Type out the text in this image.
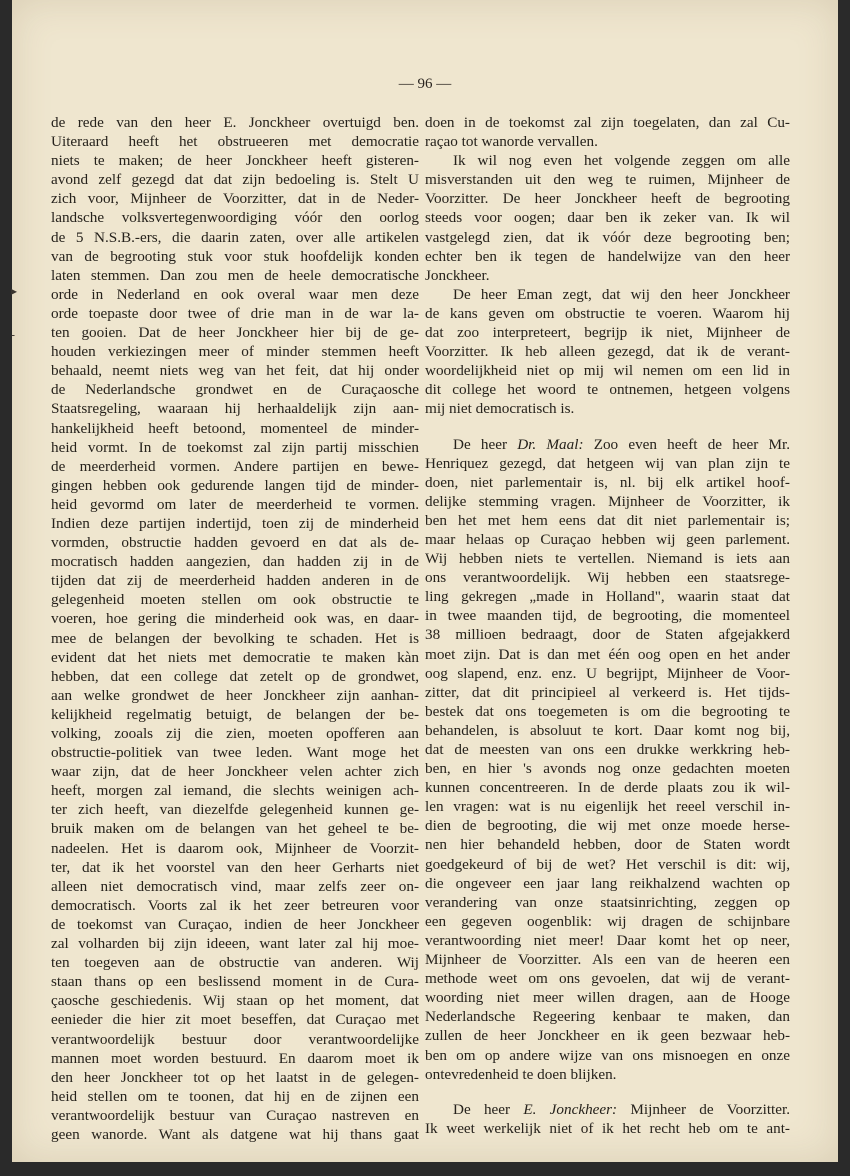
— 96 —
▸
-
de rede van den heer E. Jonckheer overtuigd ben.
Uiteraard heeft het obstrueeren met democratie
niets te maken; de heer Jonckheer heeft gisteren-
avond zelf gezegd dat dat zijn bedoeling is. Stelt U
zich voor, Mijnheer de Voorzitter, dat in de Neder-
landsche volksvertegenwoordiging vóór den oorlog
de 5 N.S.B.-ers, die daarin zaten, over alle artikelen
van de begrooting stuk voor stuk hoofdelijk konden
laten stemmen. Dan zou men de heele democratische
orde in Nederland en ook overal waar men deze
orde toepaste door twee of drie man in de war la-
ten gooien. Dat de heer Jonckheer hier bij de ge-
houden verkiezingen meer of minder stemmen heeft
behaald, neemt niets weg van het feit, dat hij onder
de Nederlandsche grondwet en de Curaçaosche
Staatsregeling, waaraan hij herhaaldelijk zijn aan-
hankelijkheid heeft betoond, momenteel de minder-
heid vormt. In de toekomst zal zijn partij misschien
de meerderheid vormen. Andere partijen en bewe-
gingen hebben ook gedurende langen tijd de minder-
heid gevormd om later de meerderheid te vormen.
Indien deze partijen indertijd, toen zij de minderheid
vormden, obstructie hadden gevoerd en dat als de-
mocratisch hadden aangezien, dan hadden zij in de
tijden dat zij de meerderheid hadden anderen in de
gelegenheid moeten stellen om ook obstructie te
voeren, hoe gering die minderheid ook was, en daar-
mee de belangen der bevolking te schaden. Het is
evident dat het niets met democratie te maken kàn
hebben, dat een college dat zetelt op de grondwet,
aan welke grondwet de heer Jonckheer zijn aanhan-
kelijkheid regelmatig betuigt, de belangen der be-
volking, zooals zij die zien, moeten opofferen aan
obstructie-politiek van twee leden. Want moge het
waar zijn, dat de heer Jonckheer velen achter zich
heeft, morgen zal iemand, die slechts weinigen ach-
ter zich heeft, van diezelfde gelegenheid kunnen ge-
bruik maken om de belangen van het geheel te be-
nadeelen. Het is daarom ook, Mijnheer de Voorzit-
ter, dat ik het voorstel van den heer Gerharts niet
alleen niet democratisch vind, maar zelfs zeer on-
democratisch. Voorts zal ik het zeer betreuren voor
de toekomst van Curaçao, indien de heer Jonckheer
zal volharden bij zijn ideeen, want later zal hij moe-
ten toegeven aan de obstructie van anderen. Wij
staan thans op een beslissend moment in de Cura-
çaosche geschiedenis. Wij staan op het moment, dat
eenieder die hier zit moet beseffen, dat Curaçao met
verantwoordelijk bestuur door verantwoordelijke
mannen moet worden bestuurd. En daarom moet ik
den heer Jonckheer tot op het laatst in de gelegen-
heid stellen om te toonen, dat hij en de zijnen een
verantwoordelijk bestuur van Curaçao nastreven en
geen wanorde. Want als datgene wat hij thans gaat
doen in de toekomst zal zijn toegelaten, dan zal Cu-
raçao tot wanorde vervallen.
Ik wil nog even het volgende zeggen om alle
misverstanden uit den weg te ruimen, Mijnheer de
Voorzitter. De heer Jonckheer heeft de begrooting
steeds voor oogen; daar ben ik zeker van. Ik wil
vastgelegd zien, dat ik vóór deze begrooting ben;
echter ben ik tegen de handelwijze van den heer
Jonckheer.
De heer Eman zegt, dat wij den heer Jonckheer
de kans geven om obstructie te voeren. Waarom hij
dat zoo interpreteert, begrijp ik niet, Mijnheer de
Voorzitter. Ik heb alleen gezegd, dat ik de verant-
woordelijkheid niet op mij wil nemen om een lid in
dit college het woord te ontnemen, hetgeen volgens
mij niet democratisch is.
De heer Dr. Maal: Zoo even heeft de heer Mr.
Henriquez gezegd, dat hetgeen wij van plan zijn te
doen, niet parlementair is, nl. bij elk artikel hoof-
delijke stemming vragen. Mijnheer de Voorzitter, ik
ben het met hem eens dat dit niet parlementair is;
maar helaas op Curaçao hebben wij geen parlement.
Wij hebben niets te vertellen. Niemand is iets aan
ons verantwoordelijk. Wij hebben een staatsrege-
ling gekregen „made in Holland", waarin staat dat
in twee maanden tijd, de begrooting, die momenteel
38 millioen bedraagt, door de Staten afgejakkerd
moet zijn. Dat is dan met één oog open en het ander
oog slapend, enz. enz. U begrijpt, Mijnheer de Voor-
zitter, dat dit principieel al verkeerd is. Het tijds-
bestek dat ons toegemeten is om die begrooting te
behandelen, is absoluut te kort. Daar komt nog bij,
dat de meesten van ons een drukke werkkring heb-
ben, en hier 's avonds nog onze gedachten moeten
kunnen concentreeren. In de derde plaats zou ik wil-
len vragen: wat is nu eigenlijk het reeel verschil in-
dien de begrooting, die wij met onze moede herse-
nen hier behandeld hebben, door de Staten wordt
goedgekeurd of bij de wet? Het verschil is dit: wij,
die ongeveer een jaar lang reikhalzend wachten op
verandering van onze staatsinrichting, zeggen op
een gegeven oogenblik: wij dragen de schijnbare
verantwoording niet meer! Daar komt het op neer,
Mijnheer de Voorzitter. Als een van de heeren een
methode weet om ons gevoelen, dat wij de verant-
woording niet meer willen dragen, aan de Hooge
Nederlandsche Regeering kenbaar te maken, dan
zullen de heer Jonckheer en ik geen bezwaar heb-
ben om op andere wijze van ons misnoegen en onze
ontevredenheid te doen blijken.
De heer E. Jonckheer: Mijnheer de Voorzitter.
Ik weet werkelijk niet of ik het recht heb om te ant-
